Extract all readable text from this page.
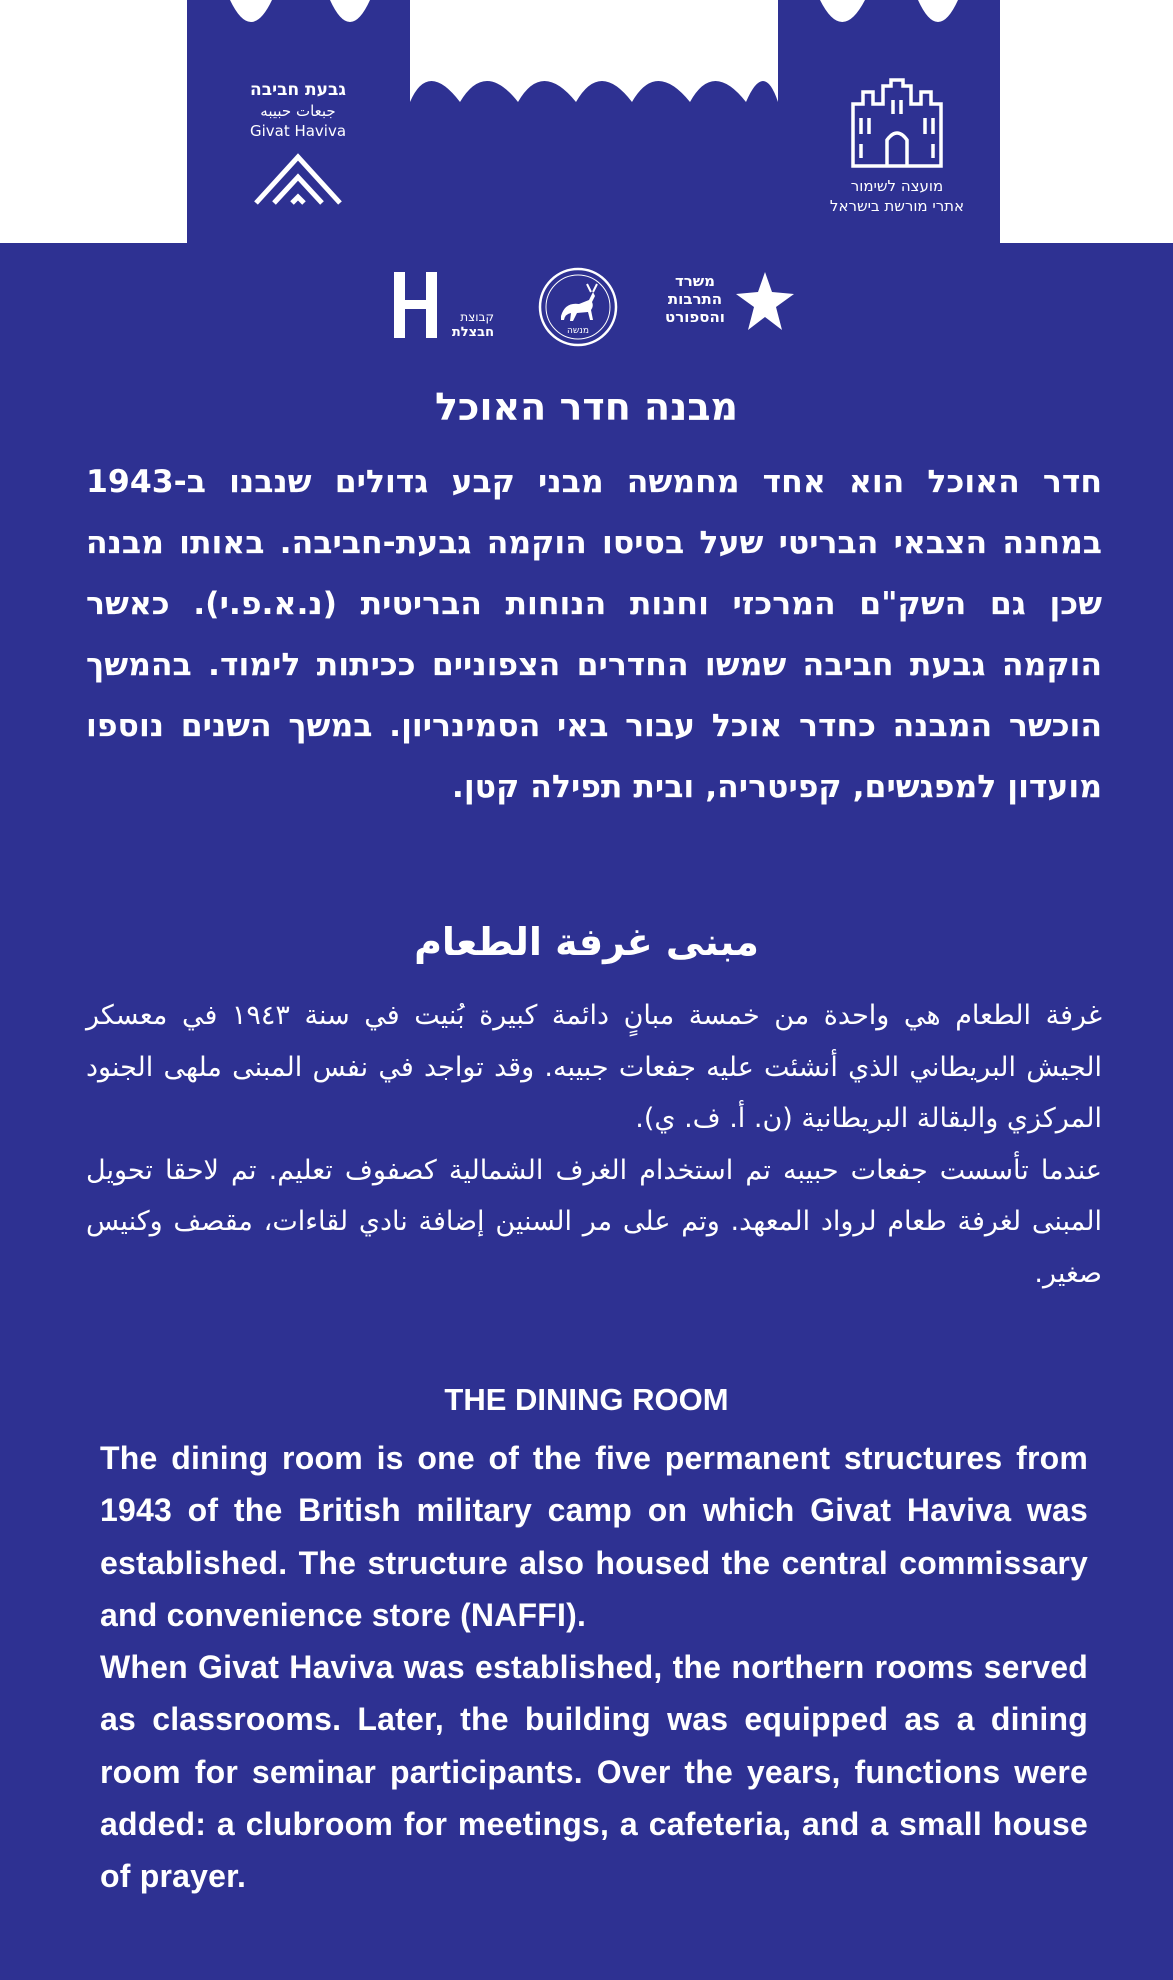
גבעת חביבה
جبعات حبيبه
Givat Haviva
מועצה לשימור
אתרי מורשת בישראל
קבוצת
חבצלת	מנשה
משרד
התרבות
והספורט
מבנה חדר האוכל

חדר האוכל הוא אחד מחמשה מבני קבע גדולים שנבנו ב-1943 במחנה הצבאי הבריטי שעל בסיסו הוקמה גבעת-חביבה. באותו מבנה שכן גם השק"ם המרכזי וחנות הנוחות הבריטית (נ.א.פ.י). כאשר הוקמה גבעת חביבה שמשו החדרים הצפוניים ככיתות לימוד. בהמשך הוכשר המבנה כחדר אוכל עבור באי הסמינריון. במשך השנים נוספו מועדון למפגשים, קפיטריה, ובית תפילה קטן.

مبنى غرفة الطعام
غرفة الطعام هي واحدة من خمسة مبانٍ دائمة كبيرة بُنيت في سنة ١٩٤٣ في معسكر الجيش البريطاني الذي أنشئت عليه جفعات جبيبه. وقد تواجد في نفس المبنى ملهى الجنود المركزي والبقالة البريطانية (ن. أ. ف. ي).
عندما تأسست جفعات حبيبه تم استخدام الغرف الشمالية كصفوف تعليم. تم لاحقا تحويل المبنى لغرفة طعام لرواد المعهد. وتم على مر السنين إضافة نادي لقاءات، مقصف وكنيس صغير.
THE DINING ROOM
The dining room is one of the five permanent structures from 1943 of the British military camp on which Givat Haviva was established. The structure also housed the central commissary and convenience store (NAFFI).
When Givat Haviva was established, the northern rooms served as classrooms. Later, the building was equipped as a dining room for seminar participants. Over the years, functions were added: a clubroom for meetings, a cafeteria, and a small house of prayer.
